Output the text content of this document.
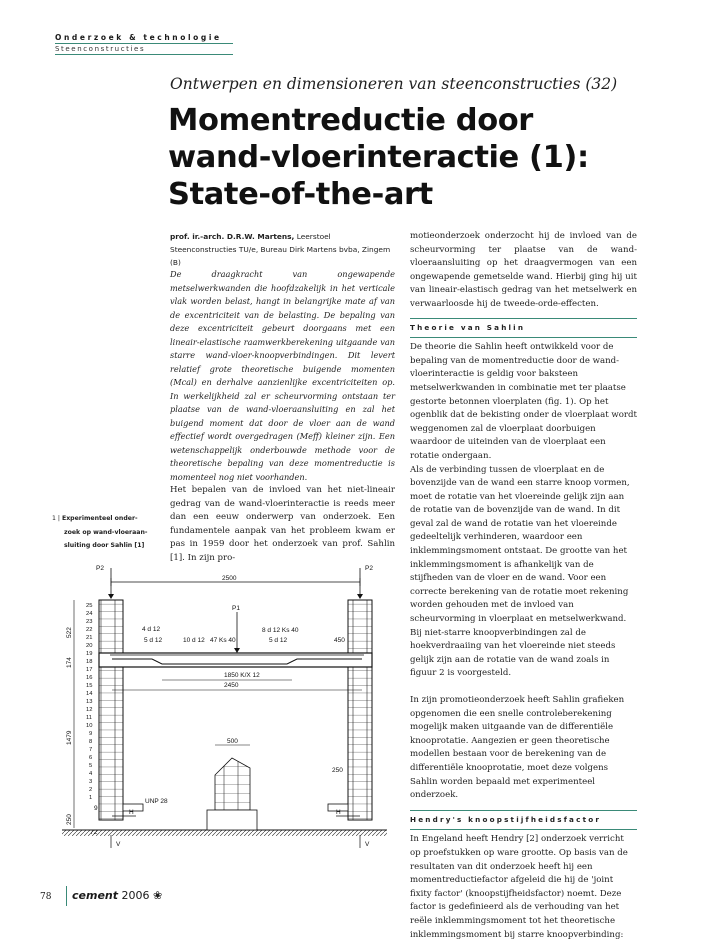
Onderzoek & technologie
Steenconstructies
Ontwerpen en dimensioneren van steenconstructies (32)
Momentreductie door
wand-vloerinteractie (1):
State-of-the-art
prof. ir.-arch. D.R.W. Martens, Leerstoel Steenconstructies TU/e, Bureau Dirk Martens bvba, Zingem (B)
De draagkracht van ongewapende metselwerkwanden die hoofdzakelijk in het verticale vlak worden belast, hangt in belangrijke mate af van de excentriciteit van de belasting. De bepaling van deze excentriciteit gebeurt doorgaans met een lineair-elastische raamwerkberekening uitgaande van starre wand-vloer-knoopverbindingen. Dit levert relatief grote theoretische buigende momenten (Mcal) en derhalve aanzienlijke excentriciteiten op. In werkelijkheid zal er scheurvorming ontstaan ter plaatse van de wand-vloeraansluiting en zal het buigend moment dat door de vloer aan de wand effectief wordt overgedragen (Meff) kleiner zijn. Een wetenschappelijk onderbouwde methode voor de theoretische bepaling van deze momentreductie is momenteel nog niet voorhanden.
Het bepalen van de invloed van het niet-lineair gedrag van de wand-vloerinteractie is reeds meer dan een eeuw onderwerp van onderzoek. Een fundamentele aanpak van het probleem kwam er pas in 1959 door het onderzoek van prof. Sahlin [1]. In zijn pro-
1 | Experimenteel onder-
zoek op wand-vloeraan-
sluiting door Sahlin [1]

motieonderzoek onderzocht hij de invloed van de scheurvorming ter plaatse van de wand-vloeraansluiting op het draagvermogen van een ongewapende gemetselde wand. Hierbij ging hij uit van lineair-elastisch gedrag van het metselwerk en verwaarloosde hij de tweede-orde-effecten.

Theorie van Sahlin

De theorie die Sahlin heeft ontwikkeld voor de bepaling van de momentreductie door de wand-vloerinteractie is geldig voor baksteen metselwerkwanden in combinatie met ter plaatse gestorte betonnen vloerplaten (fig. 1). Op het ogenblik dat de bekisting onder de vloerplaat wordt weggenomen zal de vloerplaat doorbuigen waardoor de uiteinden van de vloerplaat een rotatie ondergaan.

Als de verbinding tussen de vloerplaat en de bovenzijde van de wand een starre knoop vormen, moet de rotatie van het vloereinde gelijk zijn aan de rotatie van de bovenzijde van de wand. In dit geval zal de wand de rotatie van het vloereinde gedeeltelijk verhinderen, waardoor een inklemmingsmoment ontstaat. De grootte van het inklemmingsmoment is afhankelijk van de stijfheden van de vloer en de wand. Voor een correcte berekening van de rotatie moet rekening worden gehouden met de invloed van scheurvorming in vloerplaat en metselwerkwand. Bij niet-starre knoopverbindingen zal de hoekverdraaiing van het vloereinde niet steeds gelijk zijn aan de rotatie van de wand zoals in figuur 2 is voorgesteld.

In zijn promotieonderzoek heeft Sahlin grafieken opgenomen die een snelle controleberekening mogelijk maken uitgaande van de differentiële knooprotatie. Aangezien er geen theoretische modellen bestaan voor de berekening van de differentiële knooprotatie, moet deze volgens Sahlin worden bepaald met experimenteel onderzoek.

Hendry's knoopstijfheidsfactor

In Engeland heeft Hendry [2] onderzoek verricht op proefstukken op ware grootte. Op basis van de resultaten van dit onderzoek heeft hij een momentreductiefactor afgeleid die hij de 'joint fixity factor' (knoopstijfheidsfactor) noemt. Deze factor is gedefinieerd als de verhouding van het reële inklemmingsmoment tot het theoretische inklemmingsmoment bij starre knoopverbinding:

2500
P2	P2
P1
4 d 12
5 d 12	10 d 12 47 Ks 40
8 d 12 Ks 40
5 d 12	450
1850 K/X 12
2450
25
24
23
22
21
20
19
18
17
16
15
14
13
12
11
10
9
8
7
6
5
4
3
2
1
522
174
1479
250
72
9
500
UNP 28
250
H
V
H
V
78 cement 2006 ❀
